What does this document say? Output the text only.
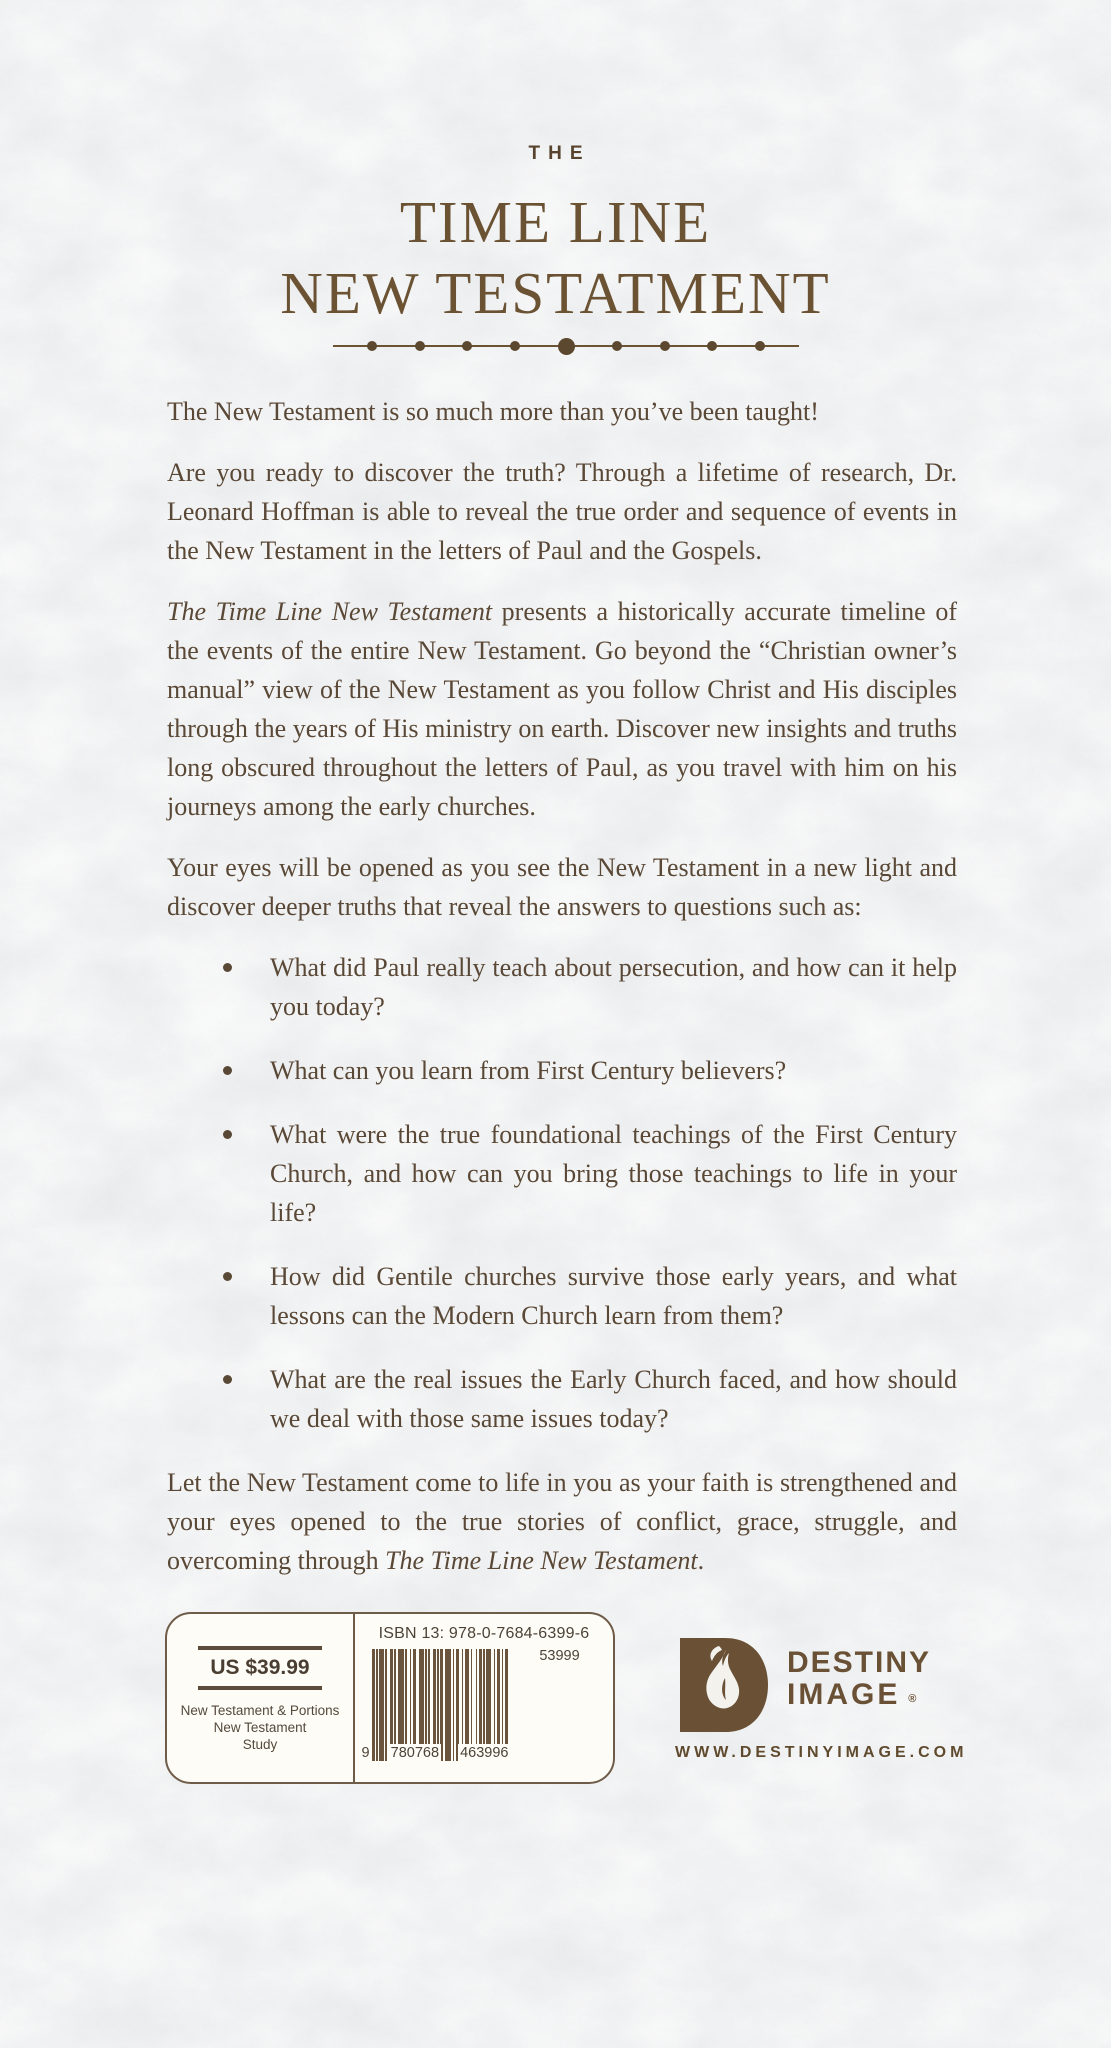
THE
TIME LINE
NEW TESTATMENT

The New Testament is so much more than you’ve been taught!

Are you ready to discover the truth? Through a lifetime of research, Dr. Leonard Hoffman is able to reveal the true order and sequence of events in the New Testament in the letters of Paul and the Gospels.

The Time Line New Testament presents a historically accurate timeline of the events of the entire New Testament. Go beyond the “Christian owner’s manual” view of the New Testament as you follow Christ and His disciples through the years of His ministry on earth. Discover new insights and truths long obscured throughout the letters of Paul, as you travel with him on his journeys among the early churches.

Your eyes will be opened as you see the New Testament in a new light and discover deeper truths that reveal the answers to questions such as:

What did Paul really teach about persecution, and how can it help you today?
What can you learn from First Century believers?
What were the true foundational teachings of the First Century Church, and how can you bring those teachings to life in your life?
How did Gentile churches survive those early years, and what lessons can the Modern Church learn from them?
What are the real issues the Early Church faced, and how should we deal with those same issues today?

Let the New Testament come to life in you as your faith is strengthened and your eyes opened to the true stories of conflict, grace, struggle, and overcoming through The Time Line New Testament.

US $39.99
New Testament & Portions
New Testament
Study
ISBN 13: 978-0-7684-6399-6
9 780768 463996
53999	DESTINY
IMAGE ®
WWW.DESTINYIMAGE.COM
